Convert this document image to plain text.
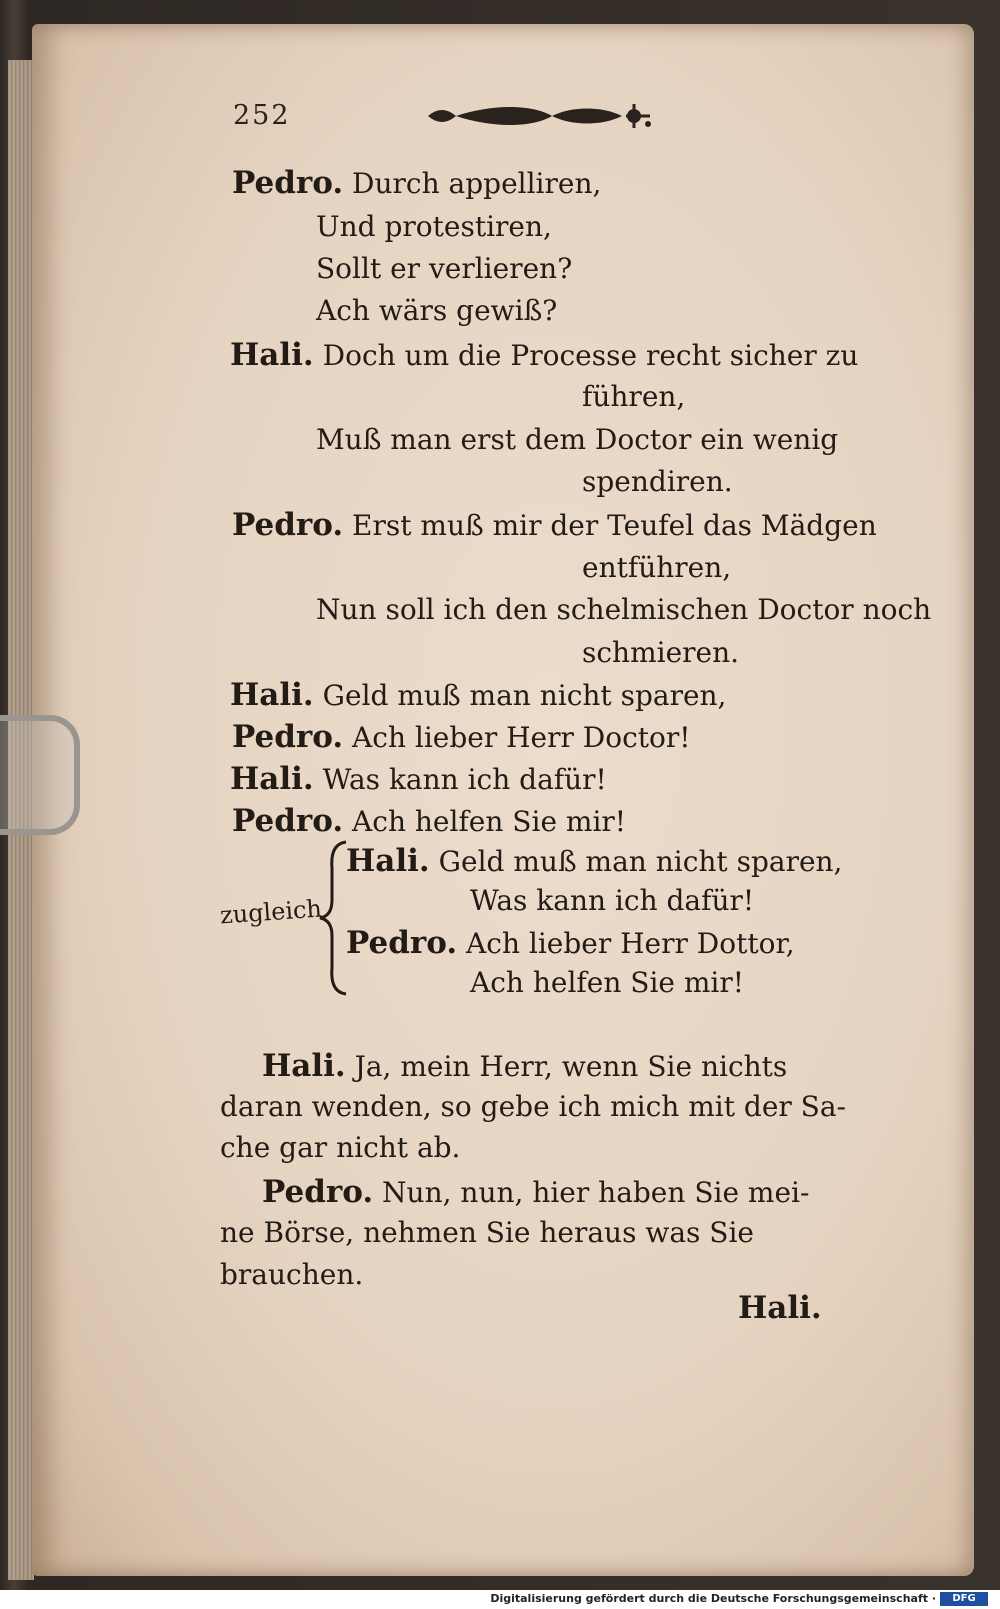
252
Pedro. Durch appelliren,
Und protestiren,
Sollt er verlieren?
Ach wärs gewiß?
Hali. Doch um die Processe recht sicher zu
führen,
Muß man erst dem Doctor ein wenig
spendiren.
Pedro. Erst muß mir der Teufel das Mädgen
entführen,
Nun soll ich den schelmischen Doctor noch
schmieren.
Hali. Geld muß man nicht sparen,
Pedro. Ach lieber Herr Doctor!
Hali. Was kann ich dafür!
Pedro. Ach helfen Sie mir!
zugleich
Hali. Geld muß man nicht sparen,
Was kann ich dafür!
Pedro. Ach lieber Herr Dottor,
Ach helfen Sie mir!
Hali. Ja, mein Herr, wenn Sie nichts
daran wenden, so gebe ich mich mit der Sa-
che gar nicht ab.
Pedro. Nun, nun, hier haben Sie mei-
ne Börse, nehmen Sie heraus was Sie
brauchen.
Hali.
Digitalisierung gefördert durch die Deutsche Forschungsgemeinschaft ·	DFG
